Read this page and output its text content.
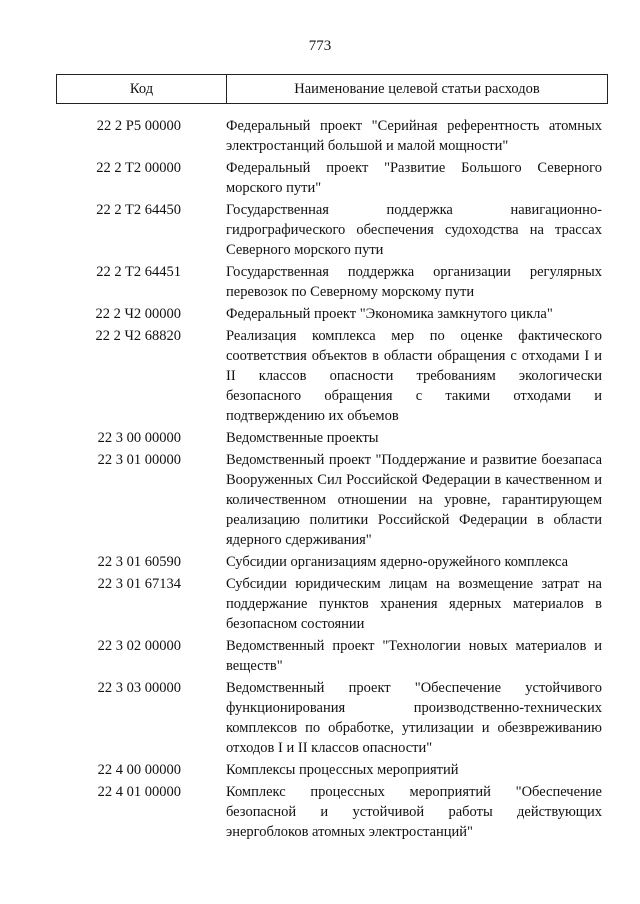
773
Код	Наименование целевой статьи расходов
22 2 P5 00000	Федеральный проект "Серийная референтность атомных электростанций большой и малой мощности"
22 2 T2 00000	Федеральный проект "Развитие Большого Северного морского пути"
22 2 T2 64450	Государственная поддержка навигационно-гидрографического обеспечения судоходства на трассах Северного морского пути
22 2 T2 64451	Государственная поддержка организации регулярных перевозок по Северному морскому пути
22 2 Ч2 00000	Федеральный проект "Экономика замкнутого цикла"
22 2 Ч2 68820	Реализация комплекса мер по оценке фактического соответствия объектов в области обращения с отходами I и II классов опасности требованиям экологически безопасного обращения с такими отходами и подтверждению их объемов
22 3 00 00000	Ведомственные проекты
22 3 01 00000	Ведомственный проект "Поддержание и развитие боезапаса Вооруженных Сил Российской Федерации в качественном и количественном отношении на уровне, гарантирующем реализацию политики Российской Федерации в области ядерного сдерживания"
22 3 01 60590	Субсидии организациям ядерно-оружейного комплекса
22 3 01 67134	Субсидии юридическим лицам на возмещение затрат на поддержание пунктов хранения ядерных материалов в безопасном состоянии
22 3 02 00000	Ведомственный проект "Технологии новых материалов и веществ"
22 3 03 00000	Ведомственный проект "Обеспечение устойчивого функционирования производственно-технических комплексов по обработке, утилизации и обезвреживанию отходов I и II классов опасности"
22 4 00 00000	Комплексы процессных мероприятий
22 4 01 00000	Комплекс процессных мероприятий "Обеспечение безопасной и устойчивой работы действующих энергоблоков атомных электростанций"
